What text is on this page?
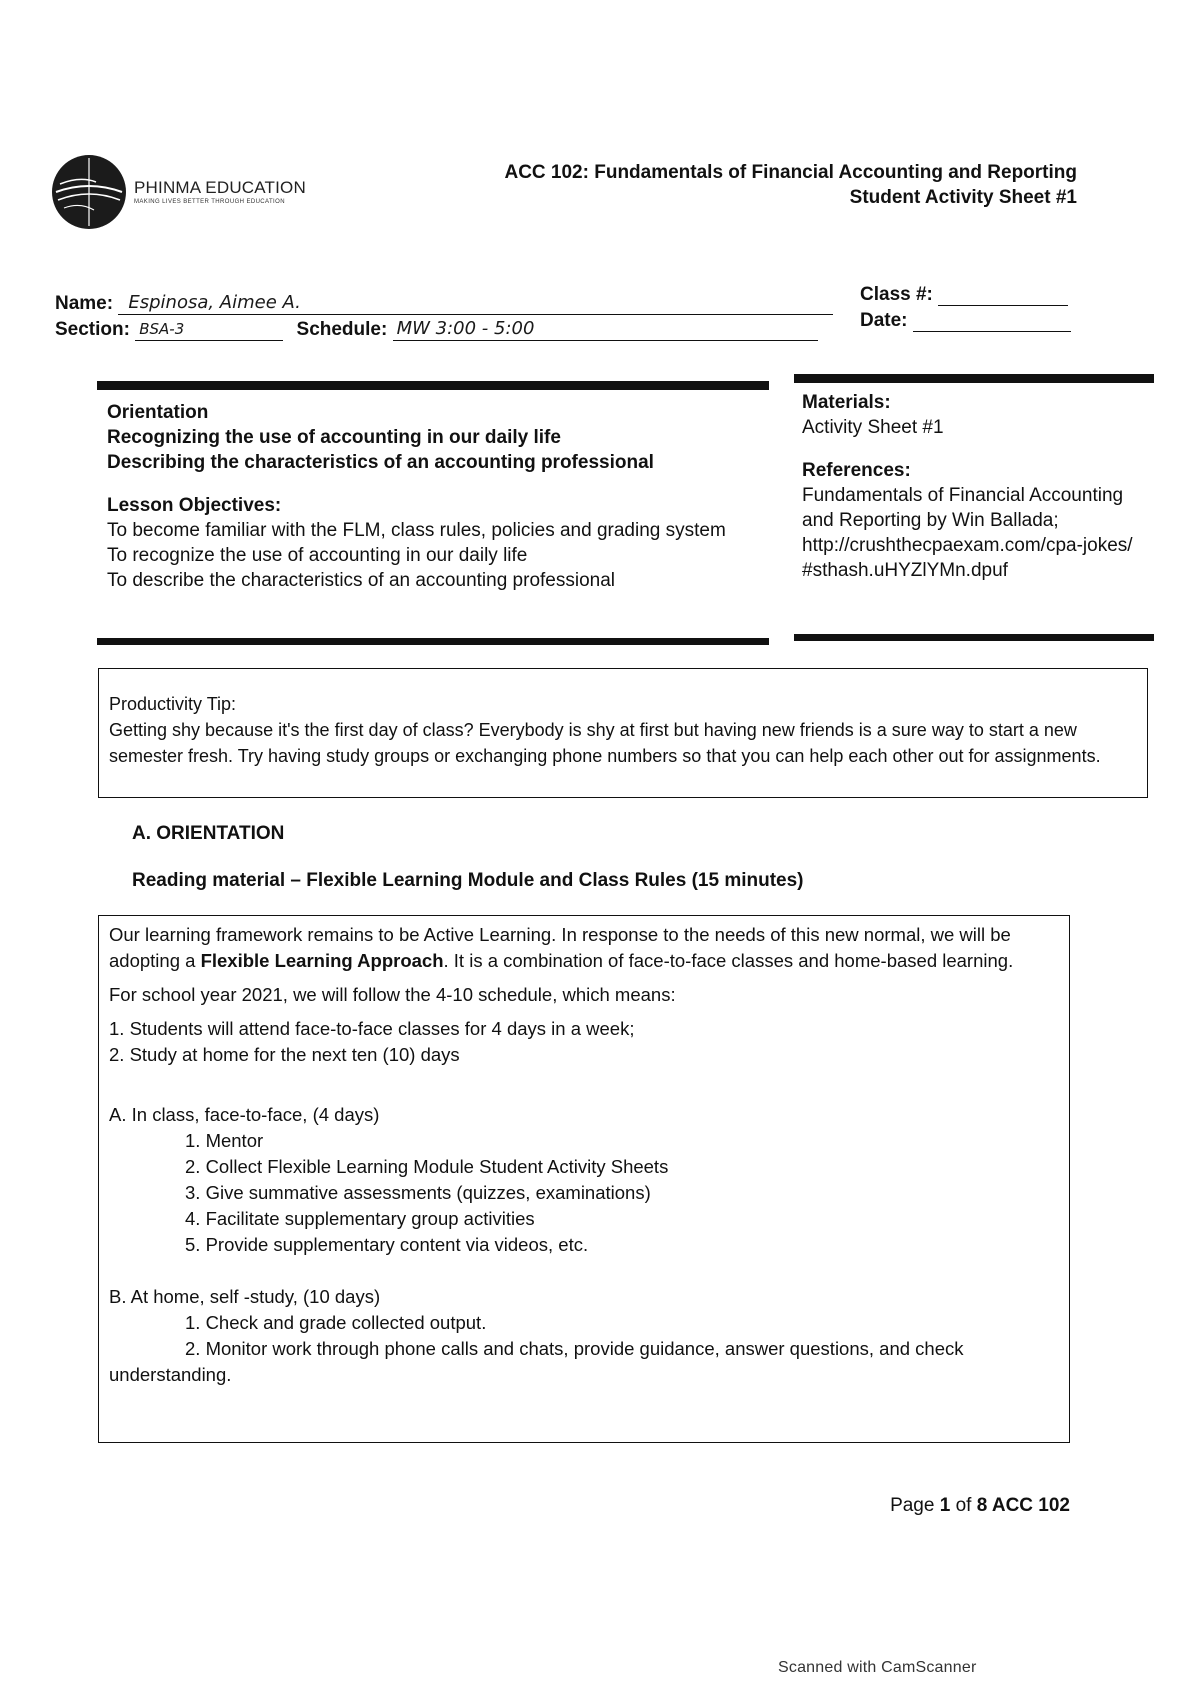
PHINMA EDUCATION
MAKING LIVES BETTER THROUGH EDUCATION
ACC 102: Fundamentals of Financial Accounting and Reporting
Student Activity Sheet #1
Name: Espinosa, Aimee A.
Section: BSA-3	Schedule: MW 3:00 - 5:00
Class #:
Date:

Orientation

Recognizing the use of accounting in our daily life

Describing the characteristics of an accounting professional

Lesson Objectives:

To become familiar with the FLM, class rules, policies and grading system

To recognize the use of accounting in our daily life

To describe the characteristics of an accounting professional

Materials:

Activity Sheet #1

References:

Fundamentals of Financial Accounting and Reporting by Win Ballada;

http://crushthecpaexam.com/cpa-jokes/#sthash.uHYZlYMn.dpuf

Productivity Tip:

Getting shy because it's the first day of class? Everybody is shy at first but having new friends is a sure way to start a new semester fresh. Try having study groups or exchanging phone numbers so that you can help each other out for assignments.

A. ORIENTATION
Reading material – Flexible Learning Module and Class Rules (15 minutes)

Our learning framework remains to be Active Learning. In response to the needs of this new normal, we will be adopting a Flexible Learning Approach. It is a combination of face-to-face classes and home-based learning.

For school year 2021, we will follow the 4-10 schedule, which means:

1. Students will attend face-to-face classes for 4 days in a week;

2. Study at home for the next ten (10) days

A. In class, face-to-face, (4 days)

1. Mentor

2. Collect Flexible Learning Module Student Activity Sheets

3. Give summative assessments (quizzes, examinations)

4. Facilitate supplementary group activities

5. Provide supplementary content via videos, etc.

B. At home, self -study, (10 days)

1. Check and grade collected output.

2. Monitor work through phone calls and chats, provide guidance, answer questions, and check understanding.

Page 1 of 8 ACC 102
Scanned with CamScanner
